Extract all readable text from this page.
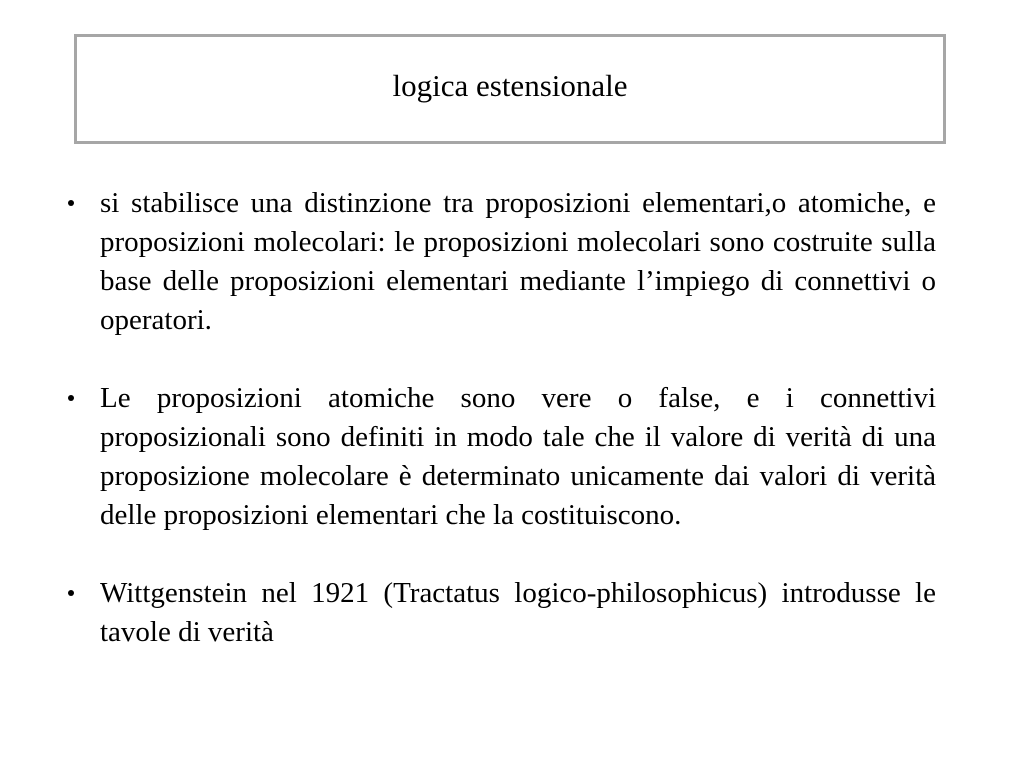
logica estensionale
si stabilisce una distinzione tra proposizioni elementari,o atomiche, e proposizioni molecolari: le proposizioni molecolari sono costruite sulla base delle proposizioni elementari mediante l’impiego di connettivi o operatori.
Le proposizioni atomiche sono vere o false, e i connettivi proposizionali sono definiti in modo tale che il valore di verità di una proposizione molecolare è determinato unicamente dai valori di verità delle proposizioni elementari che la costituiscono.
Wittgenstein nel 1921 (Tractatus logico-philosophicus) introdusse le tavole di verità
